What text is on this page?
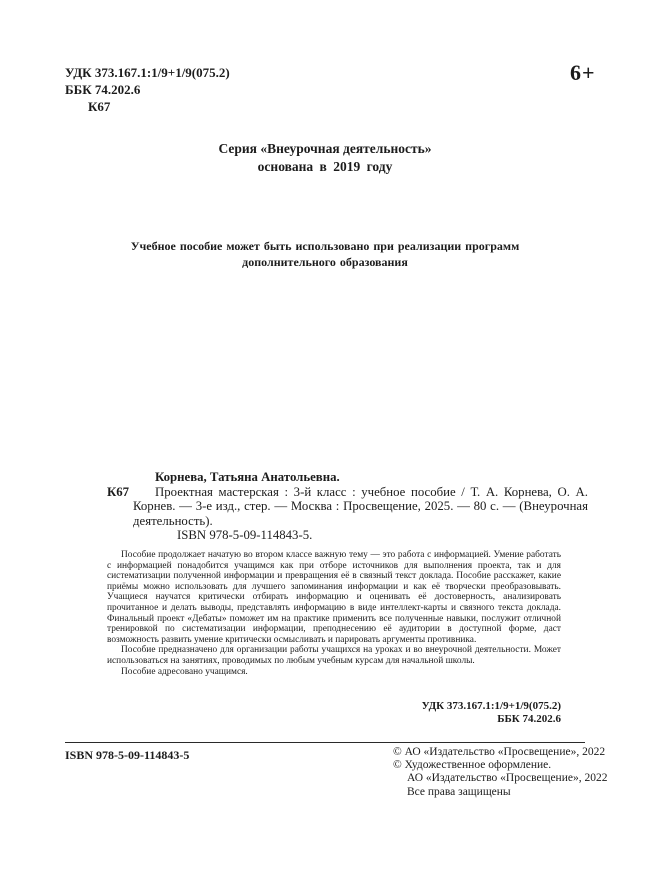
УДК 373.167.1:1/9+1/9(075.2)
ББК 74.202.6
К67
6+
Серия «Внеурочная деятельность»
основана в 2019 году
Учебное пособие может быть использовано при реализации программ
дополнительного образования
К67

Корнева, Татьяна Анатольевна.

Проектная мастерская : 3-й класс : учебное пособие / Т. А. Корнева, О. А. Корнев. — 3-е изд., стер. — Москва : Просвещение, 2025. — 80 с. — (Внеурочная деятельность).

ISBN 978-5-09-114843-5.

Пособие продолжает начатую во втором классе важную тему — это работа с информацией. Умение работать с информацией понадобится учащимся как при отборе источников для выполнения проекта, так и для систематизации полученной информации и превращения её в связный текст доклада. Пособие расскажет, какие приёмы можно использовать для лучшего запоминания информации и как её творчески преобразовывать. Учащиеся научатся критически отбирать информацию и оценивать её достоверность, анализировать прочитанное и делать выводы, представлять информацию в виде интеллект-карты и связного текста доклада. Финальный проект «Дебаты» поможет им на практике применить все полученные навыки, послужит отличной тренировкой по систематизации информации, преподнесению её аудитории в доступной форме, даст возможность развить умение критически осмысливать и парировать аргументы противника.

Пособие предназначено для организации работы учащихся на уроках и во внеурочной деятельности. Может использоваться на занятиях, проводимых по любым учебным курсам для начальной школы.

Пособие адресовано учащимся.

УДК 373.167.1:1/9+1/9(075.2)
ББК 74.202.6
ISBN 978-5-09-114843-5	© АО «Издательство «Просвещение», 2022
© Художественное оформление.
АО «Издательство «Просвещение», 2022
Все права защищены
